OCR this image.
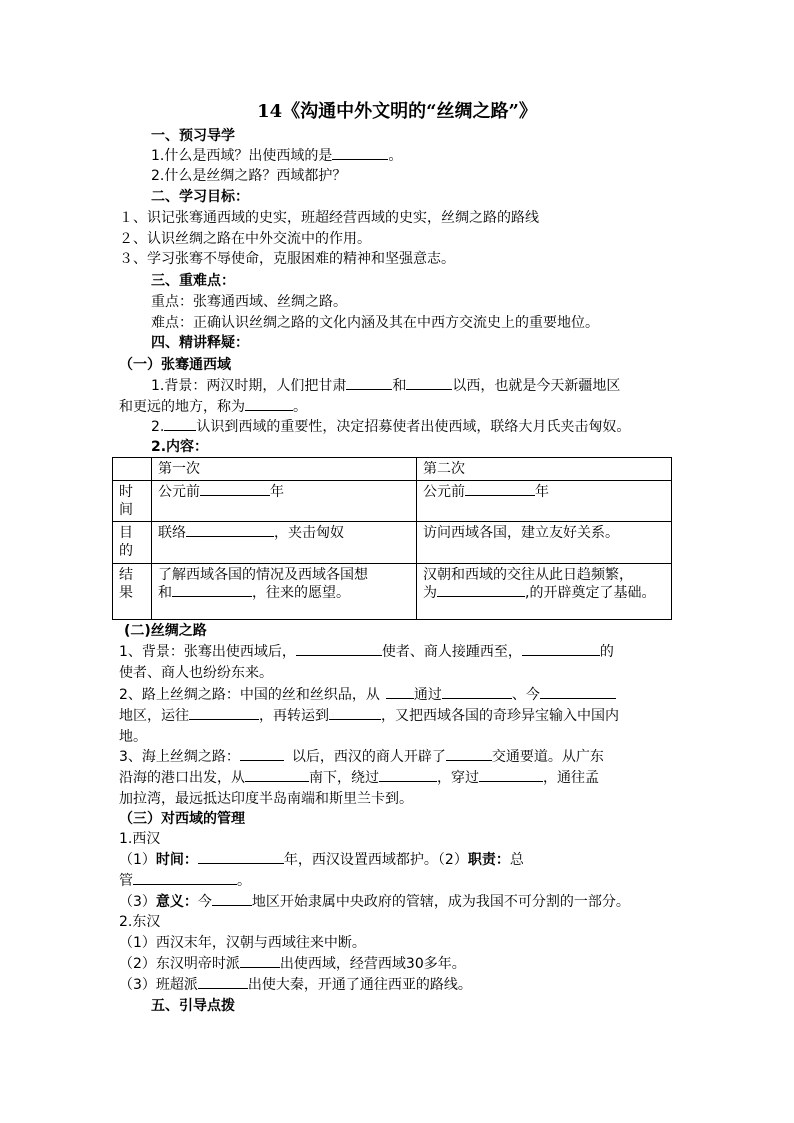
14《沟通中外文明的“丝绸之路”》
一、预习导学
1.什么是西域？出使西域的是	。
2.什么是丝绸之路？西域都护？
二、学习目标：
１、识记张骞通西域的史实，班超经营西域的史实，丝绸之路的路线
２、认识丝绸之路在中外交流中的作用。
３、学习张骞不辱使命，克服困难的精神和坚强意志。
三、重难点：
重点：张骞通西域、丝绸之路。
难点：正确认识丝绸之路的文化内涵及其在中西方交流史上的重要地位。
四、精讲释疑：
（一）张骞通西域
1.背景：两汉时期，人们把甘肃	和	以西，也就是今天新疆地区
和更远的地方，称为	。
2. 认识到西域的重要性，决定招募使者出使西域，联络大月氏夹击匈奴。
2.内容：
	第一次	第二次
时
间	公元前 年	公元前 年
目
的	联络 ，夹击匈奴	访问西域各国，建立友好关系。
结
果	了解西域各国的情况及西域各国想
和 ，往来的愿望。	汉朝和西域的交往从此日趋频繁，
为 ,的开辟奠定了基础。
(二)丝绸之路
1、背景：张骞出使西域后，	使者、商人接踵西至，	的
使者、商人也纷纷东来。
2、路上丝绸之路：中国的丝和丝织品，从 通过	、今
地区，运往	，再转运到	，又把西域各国的奇珍异宝输入中国内
地。
3、海上丝绸之路：	以后，西汉的商人开辟了	交通要道。从广东
沿海的港口出发，从	南下，绕过	，穿过	，通往孟
加拉湾，最远抵达印度半岛南端和斯里兰卡到。
（三）对西域的管理
1.西汉
（1）时间：	年，西汉设置西域都护。（2）职责：总
管	。
（3）意义：今	地区开始隶属中央政府的管辖，成为我国不可分割的一部分。
2.东汉
（1）西汉末年，汉朝与西域往来中断。
（2）东汉明帝时派	出使西域，经营西域30多年。
（3）班超派	出使大秦，开通了通往西亚的路线。
五、引导点拨
